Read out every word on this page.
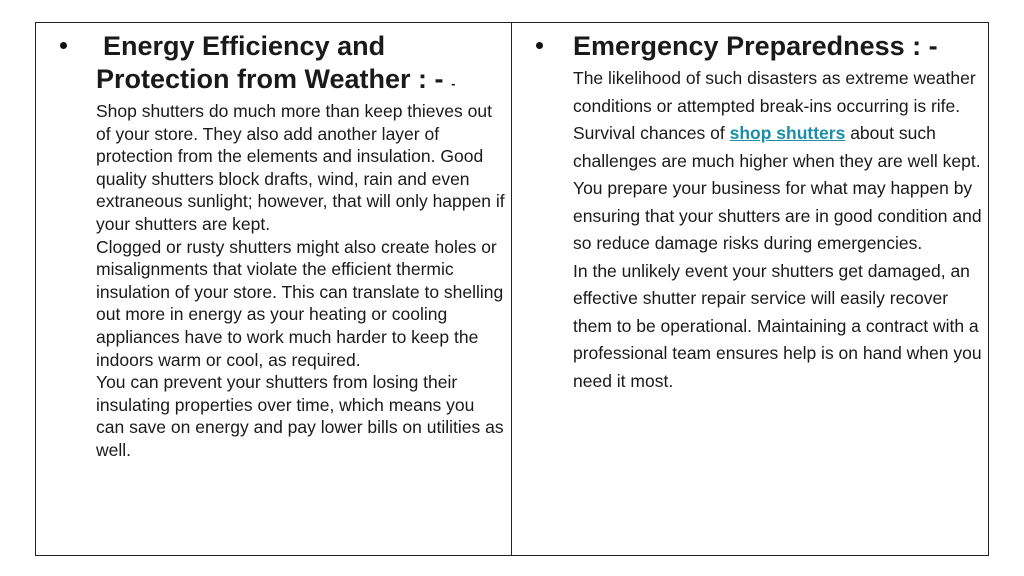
Energy Efficiency and
Protection from Weather : - -

Shop shutters do much more than keep thieves out of your store. They also add another layer of protection from the elements and insulation. Good quality shutters block drafts, wind, rain and even extraneous sunlight; however, that will only happen if your shutters are kept.

Clogged or rusty shutters might also create holes or misalignments that violate the efficient thermic insulation of your store. This can translate to shelling out more in energy as your heating or cooling appliances have to work much harder to keep the indoors warm or cool, as required.

You can prevent your shutters from losing their insulating properties over time, which means you can save on energy and pay lower bills on utilities as well.

Emergency Preparedness : -

The likelihood of such disasters as extreme weather conditions or attempted break-ins occurring is rife. Survival chances of shop shutters about such challenges are much higher when they are well kept. You prepare your business for what may happen by ensuring that your shutters are in good condition and so reduce damage risks during emergencies.

In the unlikely event your shutters get damaged, an effective shutter repair service will easily recover them to be operational. Maintaining a contract with a professional team ensures help is on hand when you need it most.
